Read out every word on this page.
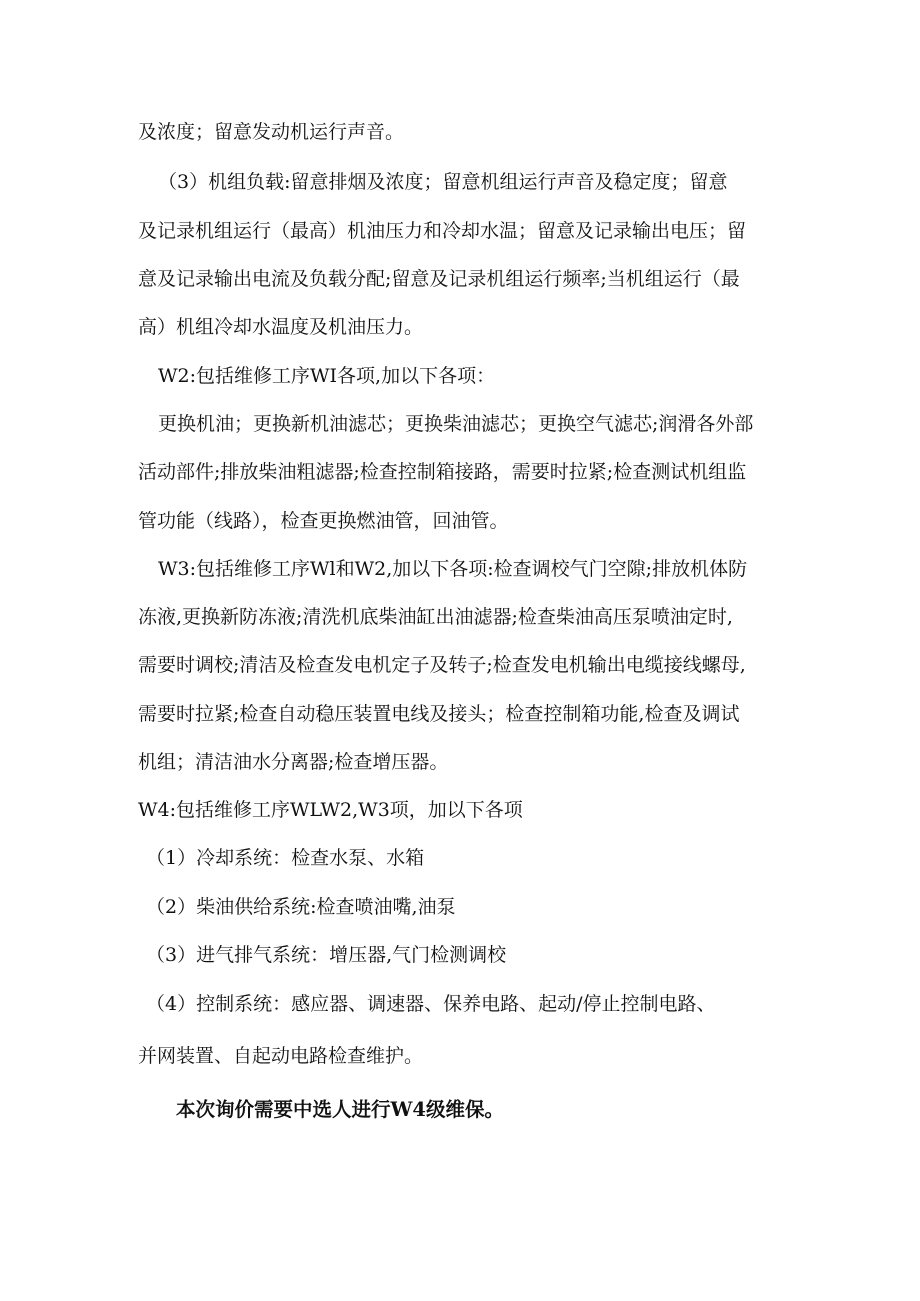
及浓度；留意发动机运行声音。
（3）机组负载:留意排烟及浓度；留意机组运行声音及稳定度；留意
及记录机组运行（最高）机油压力和冷却水温；留意及记录输出电压；留
意及记录输出电流及负载分配;留意及记录机组运行频率;当机组运行（最
高）机组冷却水温度及机油压力。
W2:包括维修工序WI各项,加以下各项：
更换机油；更换新机油滤芯；更换柴油滤芯；更换空气滤芯;润滑各外部
活动部件;排放柴油粗滤器;检查控制箱接路，需要时拉紧;检查测试机组监
管功能（线路），检查更换燃油管，回油管。
W3:包括维修工序Wl和W2,加以下各项:检查调校气门空隙;排放机体防
冻液,更换新防冻液;清洗机底柴油缸出油滤器;检查柴油高压泵喷油定时,
需要时调校;清洁及检查发电机定子及转子;检查发电机输出电缆接线螺母,
需要时拉紧;检查自动稳压装置电线及接头；检查控制箱功能,检查及调试
机组；清洁油水分离器;检查增压器。
W4:包括维修工序WLW2,W3项，加以下各项
（1）冷却系统：检查水泵、水箱
（2）柴油供给系统:检查喷油嘴,油泵
（3）进气排气系统：增压器,气门检测调校
（4）控制系统：感应器、调速器、保养电路、起动/停止控制电路、
并网装置、自起动电路检查维护。
本次询价需要中选人进行W4级维保。
